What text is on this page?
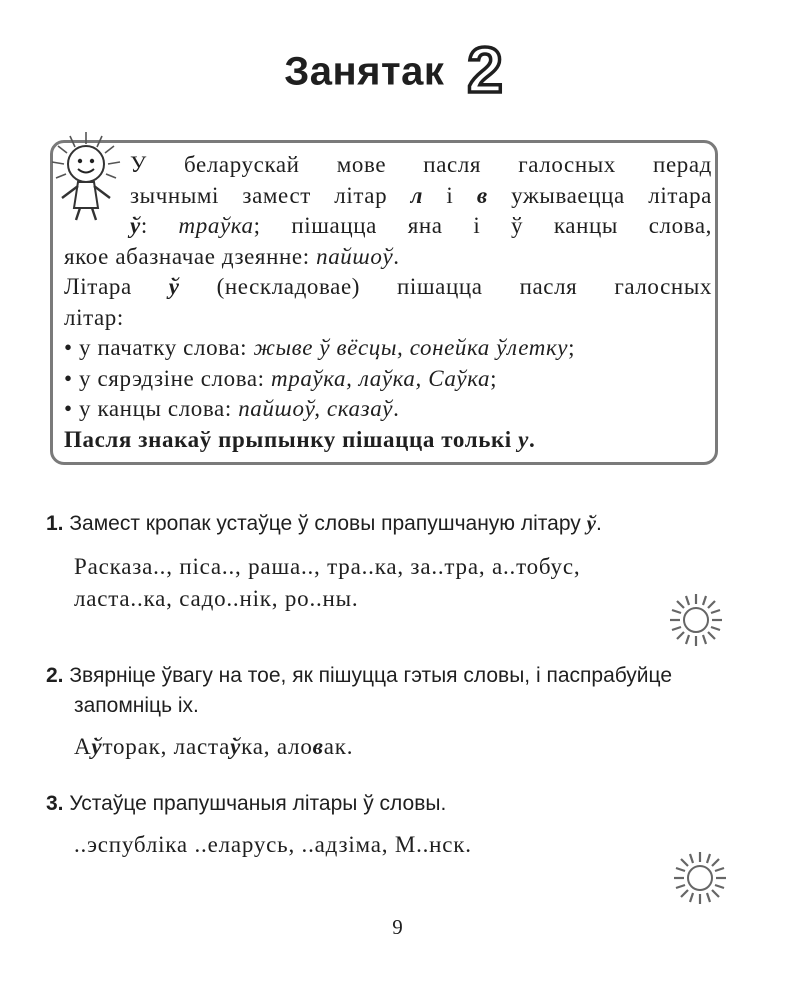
Занятак 2

У беларускай мове пасля галосных перад

зычнымі замест літар л і в ужываецца літара

ў: траўка; пішацца яна і ў канцы слова,

якое абазначае дзеянне: пайшоў.

Літара ў (нескладовае) пішацца пасля галосных

літар:

• у пачатку слова: жыве ў вёсцы, сонейка ўлетку;

• у сярэдзіне слова: траўка, лаўка, Саўка;

• у канцы слова: пайшоў, сказаў.

Пасля знакаў прыпынку пішацца толькі у.

1. Замест кропак устаўце ў словы прапушчаную літару ў.
Расказа.., піса.., раша.., тра..ка, за..тра, а..тобус,
ласта..ка, садо..нік, ро..ны.
2. Звярніце ўвагу на тое, як пішуцца гэтыя словы, і паспрабуйце
запомніць іх.
Аўторак, ластаўка, аловак.
3. Устаўце прапушчаныя літары ў словы.
..эспубліка ..еларусь, ..адзіма, М..нск.
9
